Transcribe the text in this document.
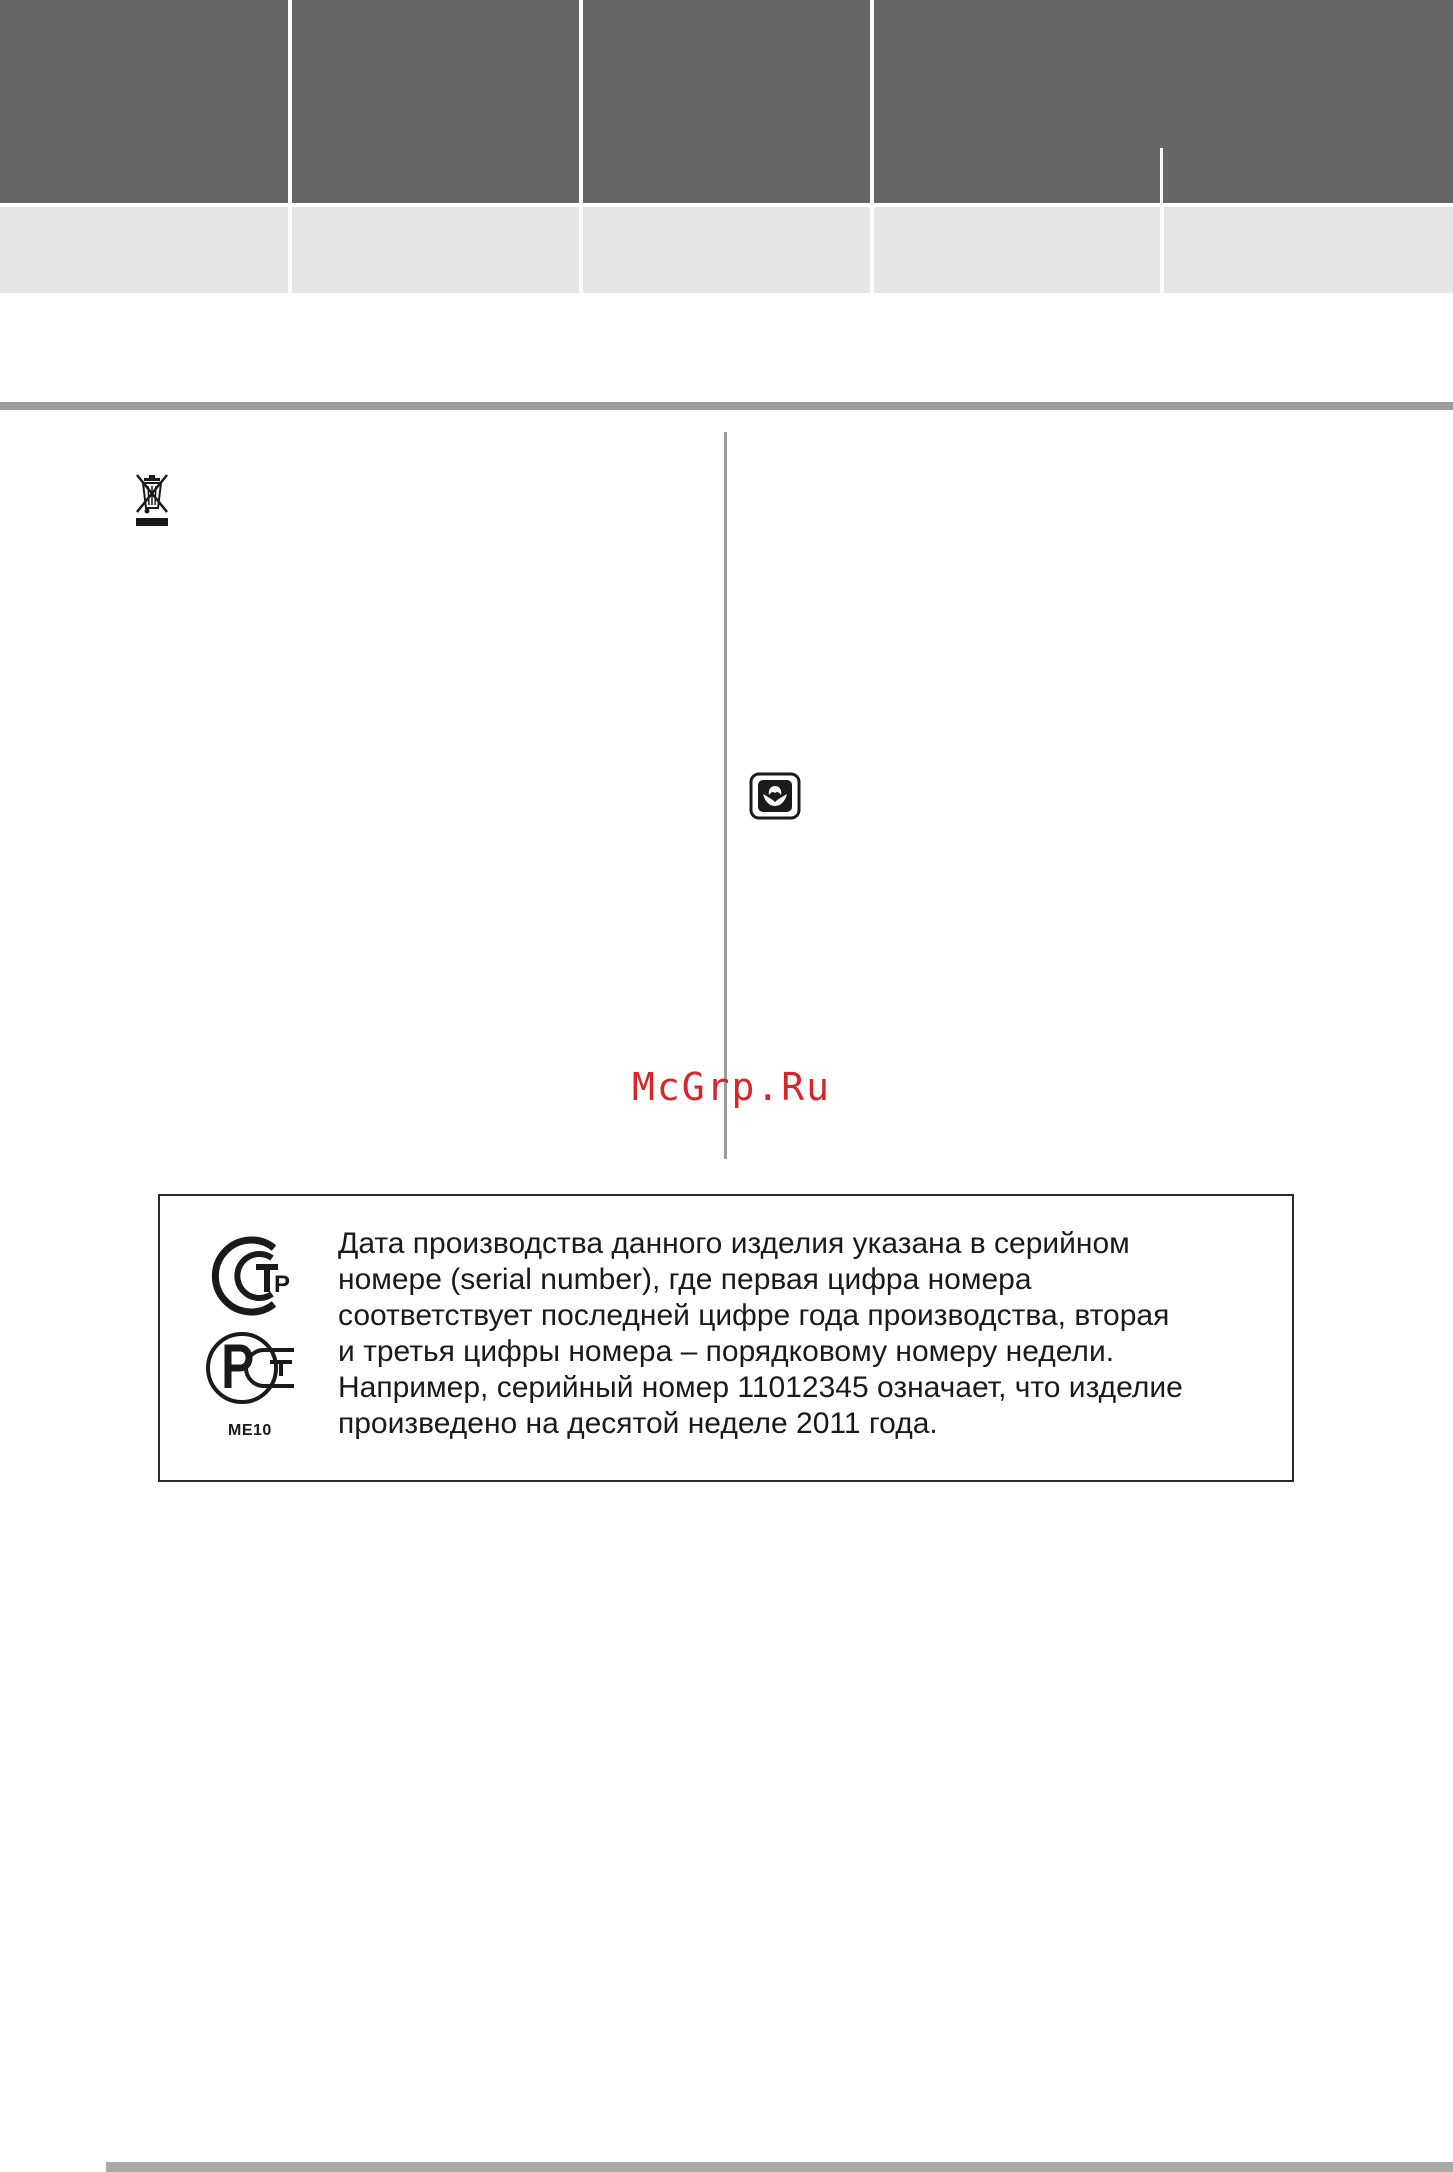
McGrp.Ru
P
ME10
Дата производства данного изделия указана в серийном
номере (serial number), где первая цифра номера
соответствует последней цифре года производства, вторая
и третья цифры номера – порядковому номеру недели.
Например, серийный номер 11012345 означает, что изделие
произведено на десятой неделе 2011 года.
